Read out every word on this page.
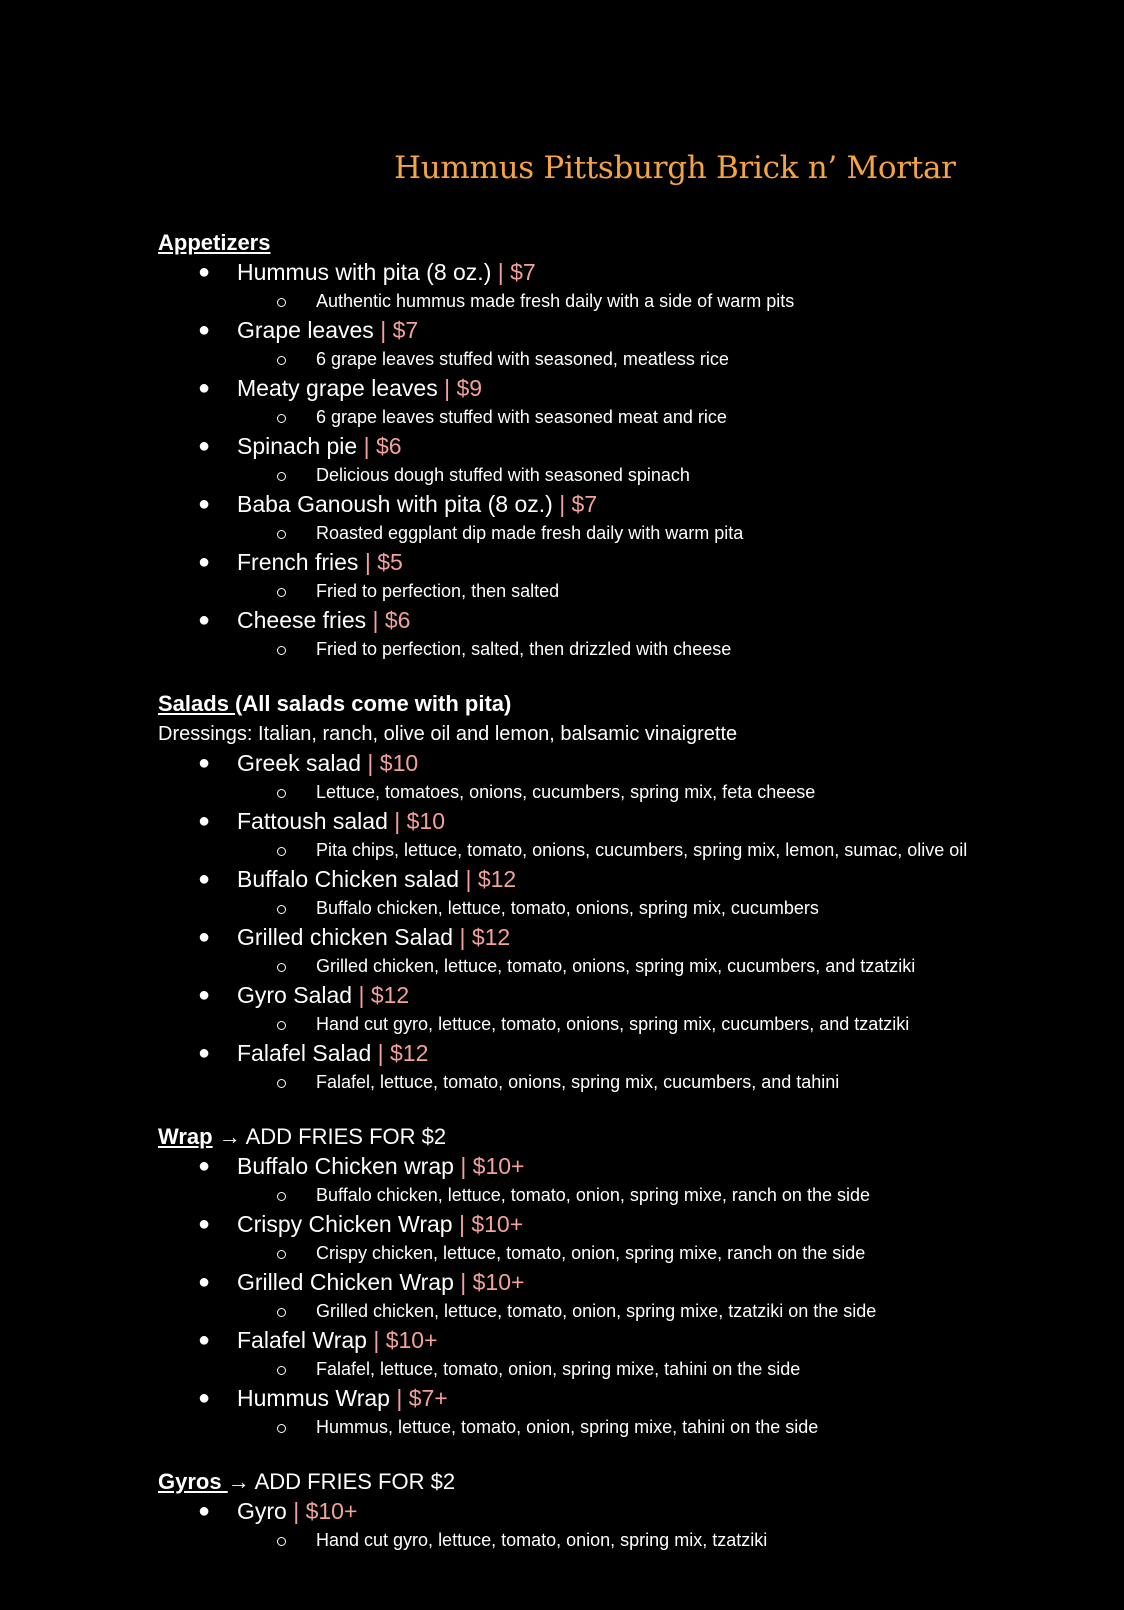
Hummus Pittsburgh Brick n’ Mortar
Appetizers
● Hummus with pita (8 oz.) | $7
Authentic hummus made fresh daily with a side of warm pits
● Grape leaves | $7
6 grape leaves stuffed with seasoned, meatless rice
● Meaty grape leaves | $9
6 grape leaves stuffed with seasoned meat and rice
● Spinach pie | $6
Delicious dough stuffed with seasoned spinach
● Baba Ganoush with pita (8 oz.) | $7
Roasted eggplant dip made fresh daily with warm pita
● French fries | $5
Fried to perfection, then salted
● Cheese fries | $6
Fried to perfection, salted, then drizzled with cheese
Salads (All salads come with pita)
Dressings: Italian, ranch, olive oil and lemon, balsamic vinaigrette
● Greek salad | $10
Lettuce, tomatoes, onions, cucumbers, spring mix, feta cheese
● Fattoush salad | $10
Pita chips, lettuce, tomato, onions, cucumbers, spring mix, lemon, sumac, olive oil
● Buffalo Chicken salad | $12
Buffalo chicken, lettuce, tomato, onions, spring mix, cucumbers
● Grilled chicken Salad | $12
Grilled chicken, lettuce, tomato, onions, spring mix, cucumbers, and tzatziki
● Gyro Salad | $12
Hand cut gyro, lettuce, tomato, onions, spring mix, cucumbers, and tzatziki
● Falafel Salad | $12
Falafel, lettuce, tomato, onions, spring mix, cucumbers, and tahini
Wrap → ADD FRIES FOR $2
● Buffalo Chicken wrap | $10+
Buffalo chicken, lettuce, tomato, onion, spring mixe, ranch on the side
● Crispy Chicken Wrap | $10+
Crispy chicken, lettuce, tomato, onion, spring mixe, ranch on the side
● Grilled Chicken Wrap | $10+
Grilled chicken, lettuce, tomato, onion, spring mixe, tzatziki on the side
● Falafel Wrap | $10+
Falafel, lettuce, tomato, onion, spring mixe, tahini on the side
● Hummus Wrap | $7+
Hummus, lettuce, tomato, onion, spring mixe, tahini on the side
Gyros → ADD FRIES FOR $2
● Gyro | $10+
Hand cut gyro, lettuce, tomato, onion, spring mix, tzatziki
